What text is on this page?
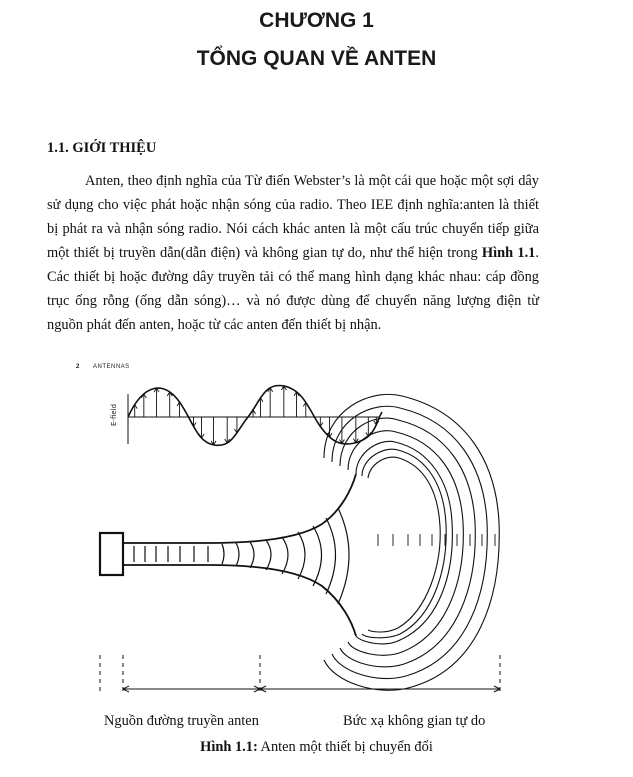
CHƯƠNG 1
TỔNG QUAN VỀ ANTEN
1.1. GIỚI THIỆU
Anten, theo định nghĩa của Từ điển Webster’s là một cái que hoặc một sợi dây sử dụng cho việc phát hoặc nhận sóng của radio. Theo IEE định nghĩa:anten là thiết bị phát ra và nhận sóng radio. Nói cách khác anten là một cấu trúc chuyển tiếp giữa một thiết bị truyền dẫn(dẫn điện) và không gian tự do, như thể hiện trong Hình 1.1. Các thiết bị hoặc đường dây truyền tải có thể mang hình dạng khác nhau: cáp đồng trục ống rỗng (ống dẫn sóng)… và nó được dùng để chuyển năng lượng điện từ nguồn phát đến anten, hoặc từ các anten đến thiết bị nhận.
2 ANTENNAS
E-field
Nguồn đường truyền anten	Bức xạ không gian tự do
Hình 1.1: Anten một thiết bị chuyển đổi
